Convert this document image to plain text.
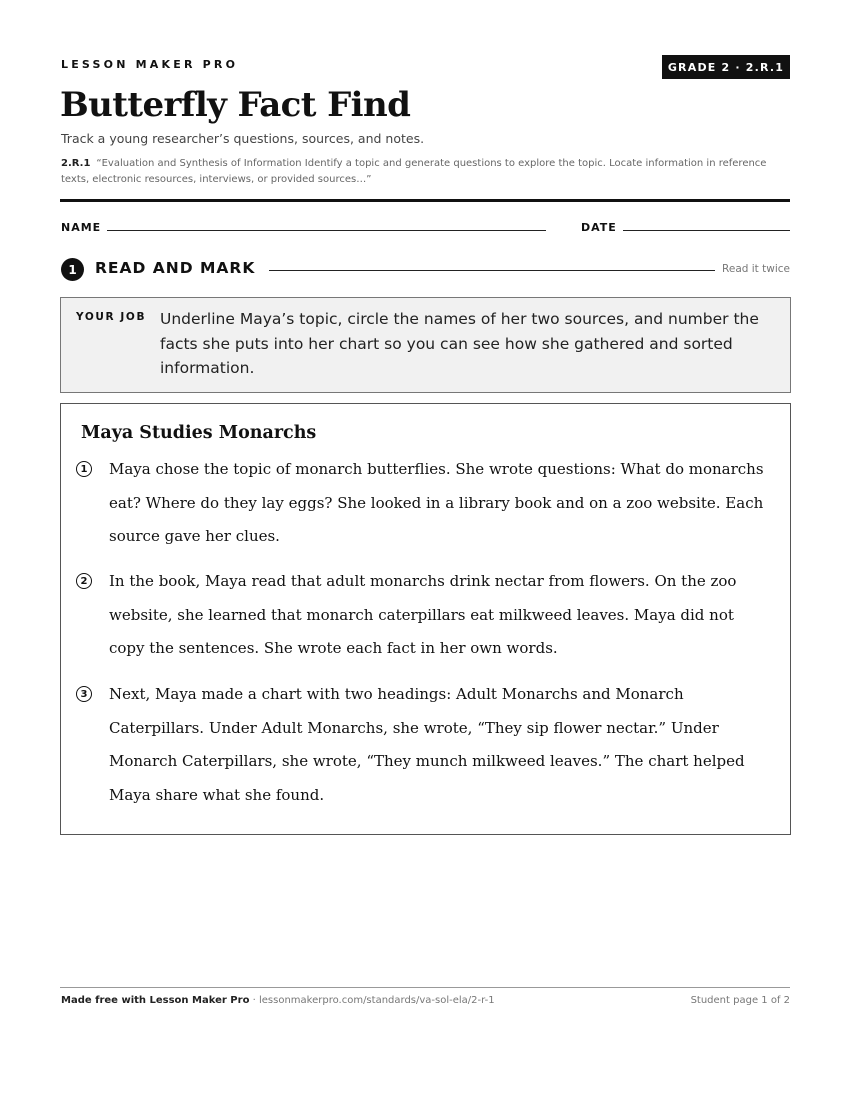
LESSON MAKER PRO	GRADE 2 · 2.R.1
Butterfly Fact Find
Track a young researcher’s questions, sources, and notes.
2.R.1 “Evaluation and Synthesis of Information Identify a topic and generate questions to explore the topic. Locate information in reference texts, electronic resources, interviews, or provided sources…”
NAME	DATE
1	READ AND MARK	Read it twice
YOUR JOB Underline Maya’s topic, circle the names of her two sources, and number the facts she puts into her chart so you can see how she gathered and sorted information.
Maya Studies Monarchs
1	Maya chose the topic of monarch butterflies. She wrote questions: What do monarchs eat? Where do they lay eggs? She looked in a library book and on a zoo website. Each source gave her clues.
2	In the book, Maya read that adult monarchs drink nectar from flowers. On the zoo website, she learned that monarch caterpillars eat milkweed leaves. Maya did not copy the sentences. She wrote each fact in her own words.
3	Next, Maya made a chart with two headings: Adult Monarchs and Monarch Caterpillars. Under Adult Monarchs, she wrote, “They sip flower nectar.” Under Monarch Caterpillars, she wrote, “They munch milkweed leaves.” The chart helped Maya share what she found.
Made free with Lesson Maker Pro · lessonmakerpro.com/standards/va-sol-ela/2-r-1	Student page 1 of 2
